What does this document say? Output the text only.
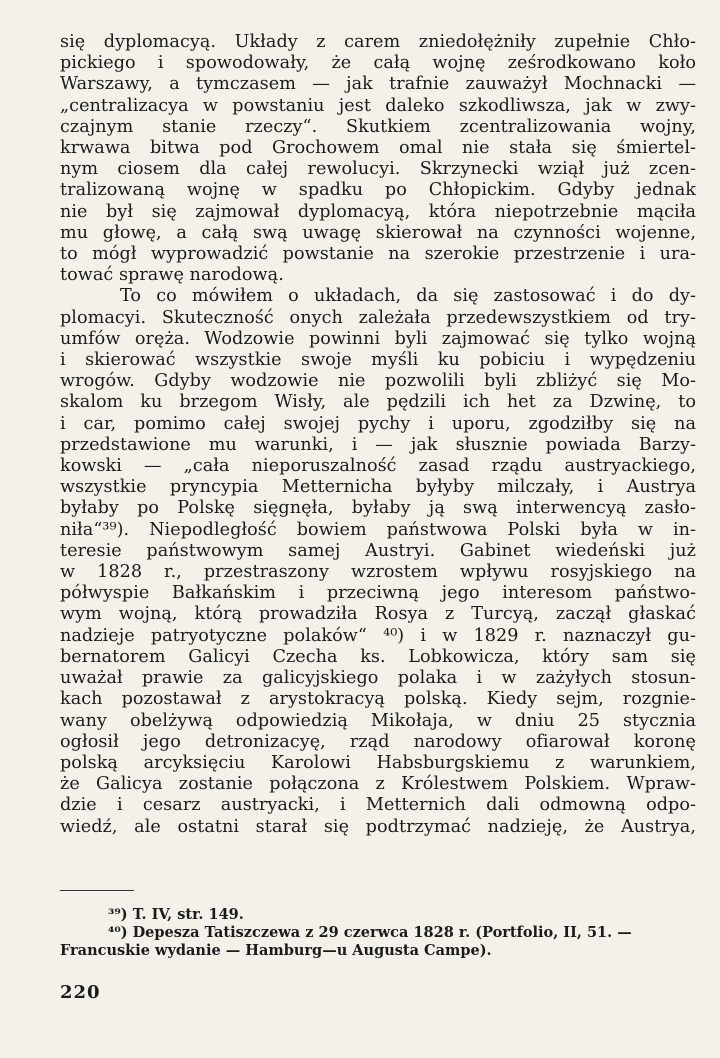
się dyplomacyą. Układy z carem zniedołężniły zupełnie Chło-
pickiego i spowodowały, że całą wojnę ześrodkowano koło
Warszawy, a tymczasem — jak trafnie zauważył Mochnacki —
„centralizacya w powstaniu jest daleko szkodliwsza, jak w zwy-
czajnym stanie rzeczy“. Skutkiem zcentralizowania wojny,
krwawa bitwa pod Grochowem omal nie stała się śmiertel-
nym ciosem dla całej rewolucyi. Skrzynecki wziął już zcen-
tralizowaną wojnę w spadku po Chłopickim. Gdyby jednak
nie był się zajmował dyplomacyą, która niepotrzebnie mąciła
mu głowę, a całą swą uwagę skierował na czynności wojenne,
to mógł wyprowadzić powstanie na szerokie przestrzenie i ura-
tować sprawę narodową.
To co mówiłem o układach, da się zastosować i do dy-
plomacyi. Skuteczność onych zależała przedewszystkiem od try-
umfów oręża. Wodzowie powinni byli zajmować się tylko wojną
i skierować wszystkie swoje myśli ku pobiciu i wypędzeniu
wrogów. Gdyby wodzowie nie pozwolili byli zbliżyć się Mo-
skalom ku brzegom Wisły, ale pędzili ich het za Dzwinę, to
i car, pomimo całej swojej pychy i uporu, zgodziłby się na
przedstawione mu warunki, i — jak słusznie powiada Barzy-
kowski — „cała nieporuszalność zasad rządu austryackiego,
wszystkie pryncypia Metternicha byłyby milczały, i Austrya
byłaby po Polskę sięgnęła, byłaby ją swą interwencyą zasło-
niła“³⁹). Niepodległość bowiem państwowa Polski była w in-
teresie państwowym samej Austryi. Gabinet wiedeński już
w 1828 r., przestraszony wzrostem wpływu rosyjskiego na
półwyspie Bałkańskim i przeciwną jego interesom państwo-
wym wojną, którą prowadziła Rosya z Turcyą, zaczął głaskać
nadzieje patryotyczne polaków“ ⁴⁰) i w 1829 r. naznaczył gu-
bernatorem Galicyi Czecha ks. Lobkowicza, który sam się
uważał prawie za galicyjskiego polaka i w zażyłych stosun-
kach pozostawał z arystokracyą polską. Kiedy sejm, rozgnie-
wany obelżywą odpowiedzią Mikołaja, w dniu 25 stycznia
ogłosił jego detronizacyę, rząd narodowy ofiarował koronę
polską arcyksięciu Karolowi Habsburgskiemu z warunkiem,
że Galicya zostanie połączona z Królestwem Polskiem. Wpraw-
dzie i cesarz austryacki, i Metternich dali odmowną odpo-
wiedź, ale ostatni starał się podtrzymać nadzieję, że Austrya,
³⁹) T. IV, str. 149.
⁴⁰) Depesza Tatiszczewa z 29 czerwca 1828 r. (Portfolio, II, 51. —
Francuskie wydanie — Hamburg—u Augusta Campe).
220
